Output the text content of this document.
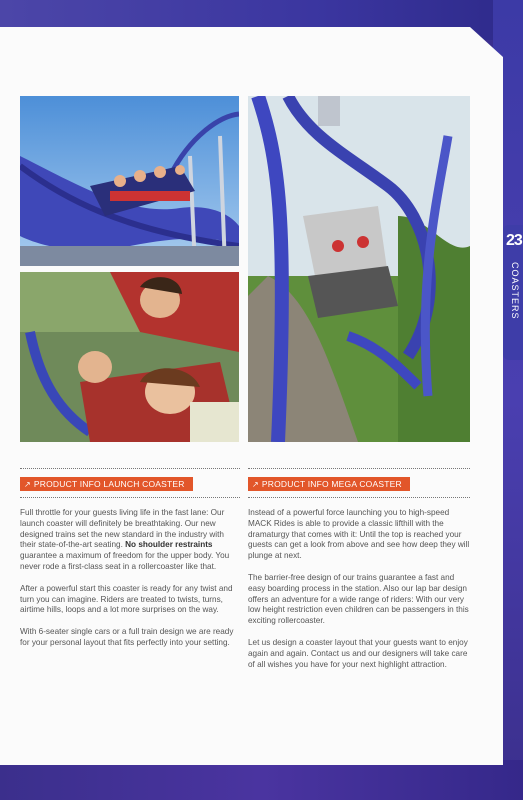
23
COASTERS
↗ PRODUCT INFO LAUNCH COASTER

Full throttle for your guests living life in the fast lane: Our launch coaster will definitely be breathtaking. Our new designed trains set the new standard in the industry with their state-of-the-art seating. No shoulder restraints guarantee a maximum of freedom for the upper body. You never rode a first-class seat in a rollercoaster like that.

After a powerful start this coaster is ready for any twist and turn you can imagine. Riders are treated to twists, turns, airtime hills, loops and a lot more surprises on the way.

With 6-seater single cars or a full train design we are ready for your personal layout that fits perfectly into your setting.

↗ PRODUCT INFO MEGA COASTER

Instead of a powerful force launching you to high-speed MACK Rides is able to provide a classic lifthill with the dramaturgy that comes with it: Until the top is reached your guests can get a look from above and see how deep they will plunge at next.

The barrier-free design of our trains guarantee a fast and easy boarding process in the station. Also our lap bar design offers an adventure for a wide range of riders: With our very low height restriction even children can be passengers in this exciting rollercoaster.

Let us design a coaster layout that your guests want to enjoy again and again. Contact us and our designers will take care of all wishes you have for your next highlight attraction.
